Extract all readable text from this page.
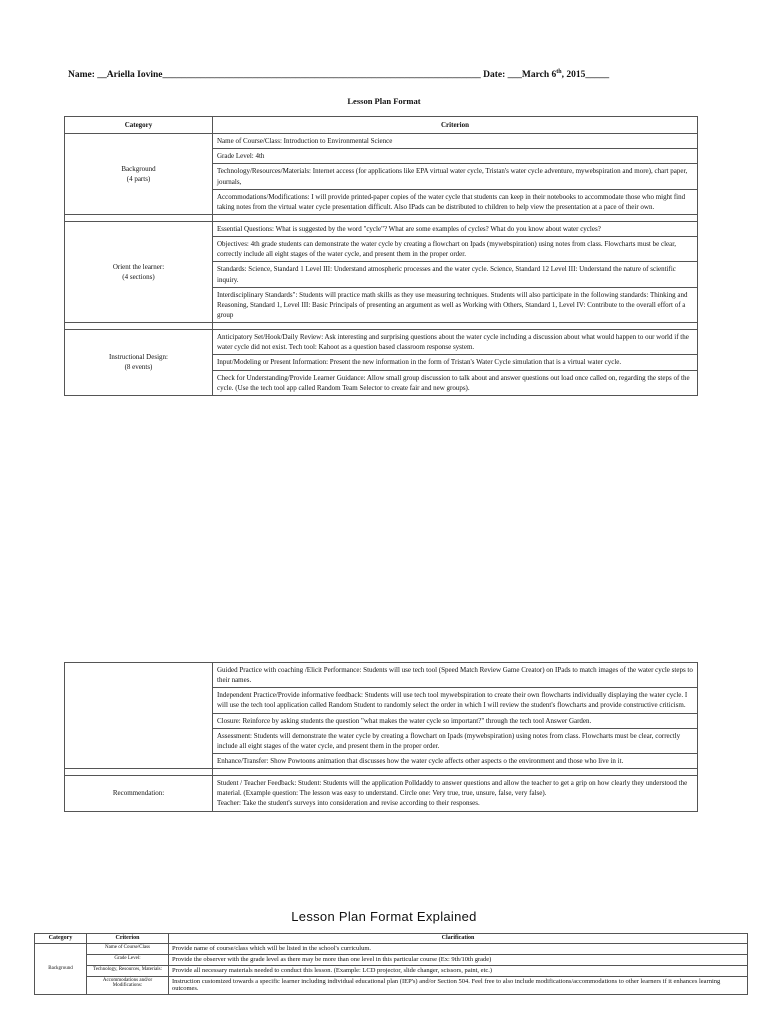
Name: __Ariella Iovine___________________________________________________________________ Date: ___March 6th, 2015_____
Lesson Plan Format
Category	Criterion
Background
(4 parts)	Name of Course/Class: Introduction to Environmental Science
	Grade Level: 4th
	Technology/Resources/Materials: Internet access (for applications like EPA virtual water cycle, Tristan's water cycle adventure, mywebspiration and more), chart paper, journals,
	Accommodations/Modifications: I will provide printed-paper copies of the water cycle that students can keep in their notebooks to accommodate those who might find taking notes from the virtual water cycle presentation difficult. Also IPads can be distributed to children to help view the presentation at a pace of their own.

Orient the learner:
(4 sections)	Essential Questions: What is suggested by the word "cycle"? What are some examples of cycles? What do you know about water cycles?
	Objectives: 4th grade students can demonstrate the water cycle by creating a flowchart on Ipads (mywebspiration) using notes from class. Flowcharts must be clear, correctly include all eight stages of the water cycle, and present them in the proper order.
	Standards: Science, Standard 1 Level III: Understand atmospheric processes and the water cycle. Science, Standard 12 Level III: Understand the nature of scientific inquiry.
	Interdisciplinary Standards": Students will practice math skills as they use measuring techniques. Students will also participate in the following standards: Thinking and Reasoning, Standard 1, Level III: Basic Principals of presenting an argument as well as Working with Others, Standard 1, Level IV: Contribute to the overall effort of a group

Instructional Design:
(8 events)	Anticipatory Set/Hook/Daily Review: Ask interesting and surprising questions about the water cycle including a discussion about what would happen to our world if the water cycle did not exist. Tech tool: Kahoot as a question based classroom response system.
	Input/Modeling or Present Information: Present the new information in the form of Tristan's Water Cycle simulation that is a virtual water cycle.
	Check for Understanding/Provide Learner Guidance: Allow small group discussion to talk about and answer questions out load once called on, regarding the steps of the cycle. (Use the tech tool app called Random Team Selector to create fair and new groups).
	Guided Practice with coaching /Elicit Performance: Students will use tech tool (Speed Match Review Game Creator) on IPads to match images of the water cycle steps to their names.
	Independent Practice/Provide informative feedback: Students will use tech tool mywebspiration to create their own flowcharts individually displaying the water cycle. I will use the tech tool application called Random Student to randomly select the order in which I will review the student's flowcharts and provide constructive criticism.
	Closure: Reinforce by asking students the question "what makes the water cycle so important?" through the tech tool Answer Garden.
	Assessment: Students will demonstrate the water cycle by creating a flowchart on Ipads (mywebspiration) using notes from class. Flowcharts must be clear, correctly include all eight stages of the water cycle, and present them in the proper order.
	Enhance/Transfer: Show Powtoons animation that discusses how the water cycle affects other aspects o the environment and those who live in it.

Recommendation:	Student / Teacher Feedback: Student: Students will the application Polldaddy to answer questions and allow the teacher to get a grip on how clearly they understood the material. (Example question: The lesson was easy to understand. Circle one: Very true, true, unsure, false, very false).
Teacher: Take the student's surveys into consideration and revise according to their responses.
Lesson Plan Format Explained
Category	Criterion	Clarification
Background	Name of Course/Class	Provide name of course/class which will be listed in the school's curriculum.
	Grade Level:	Provide the observer with the grade level as there may be more than one level in this particular course (Ex: 9th/10th grade)
	Technology, Resources, Materials:	Provide all necessary materials needed to conduct this lesson. (Example: LCD projector, slide changer, scissors, paint, etc.)
	Accommodations and/or Modifications:	Instruction customized towards a specific learner including individual educational plan (IEP's) and/or Section 504. Feel free to also include modifications/accommodations to other learners if it enhances learning outcomes.
